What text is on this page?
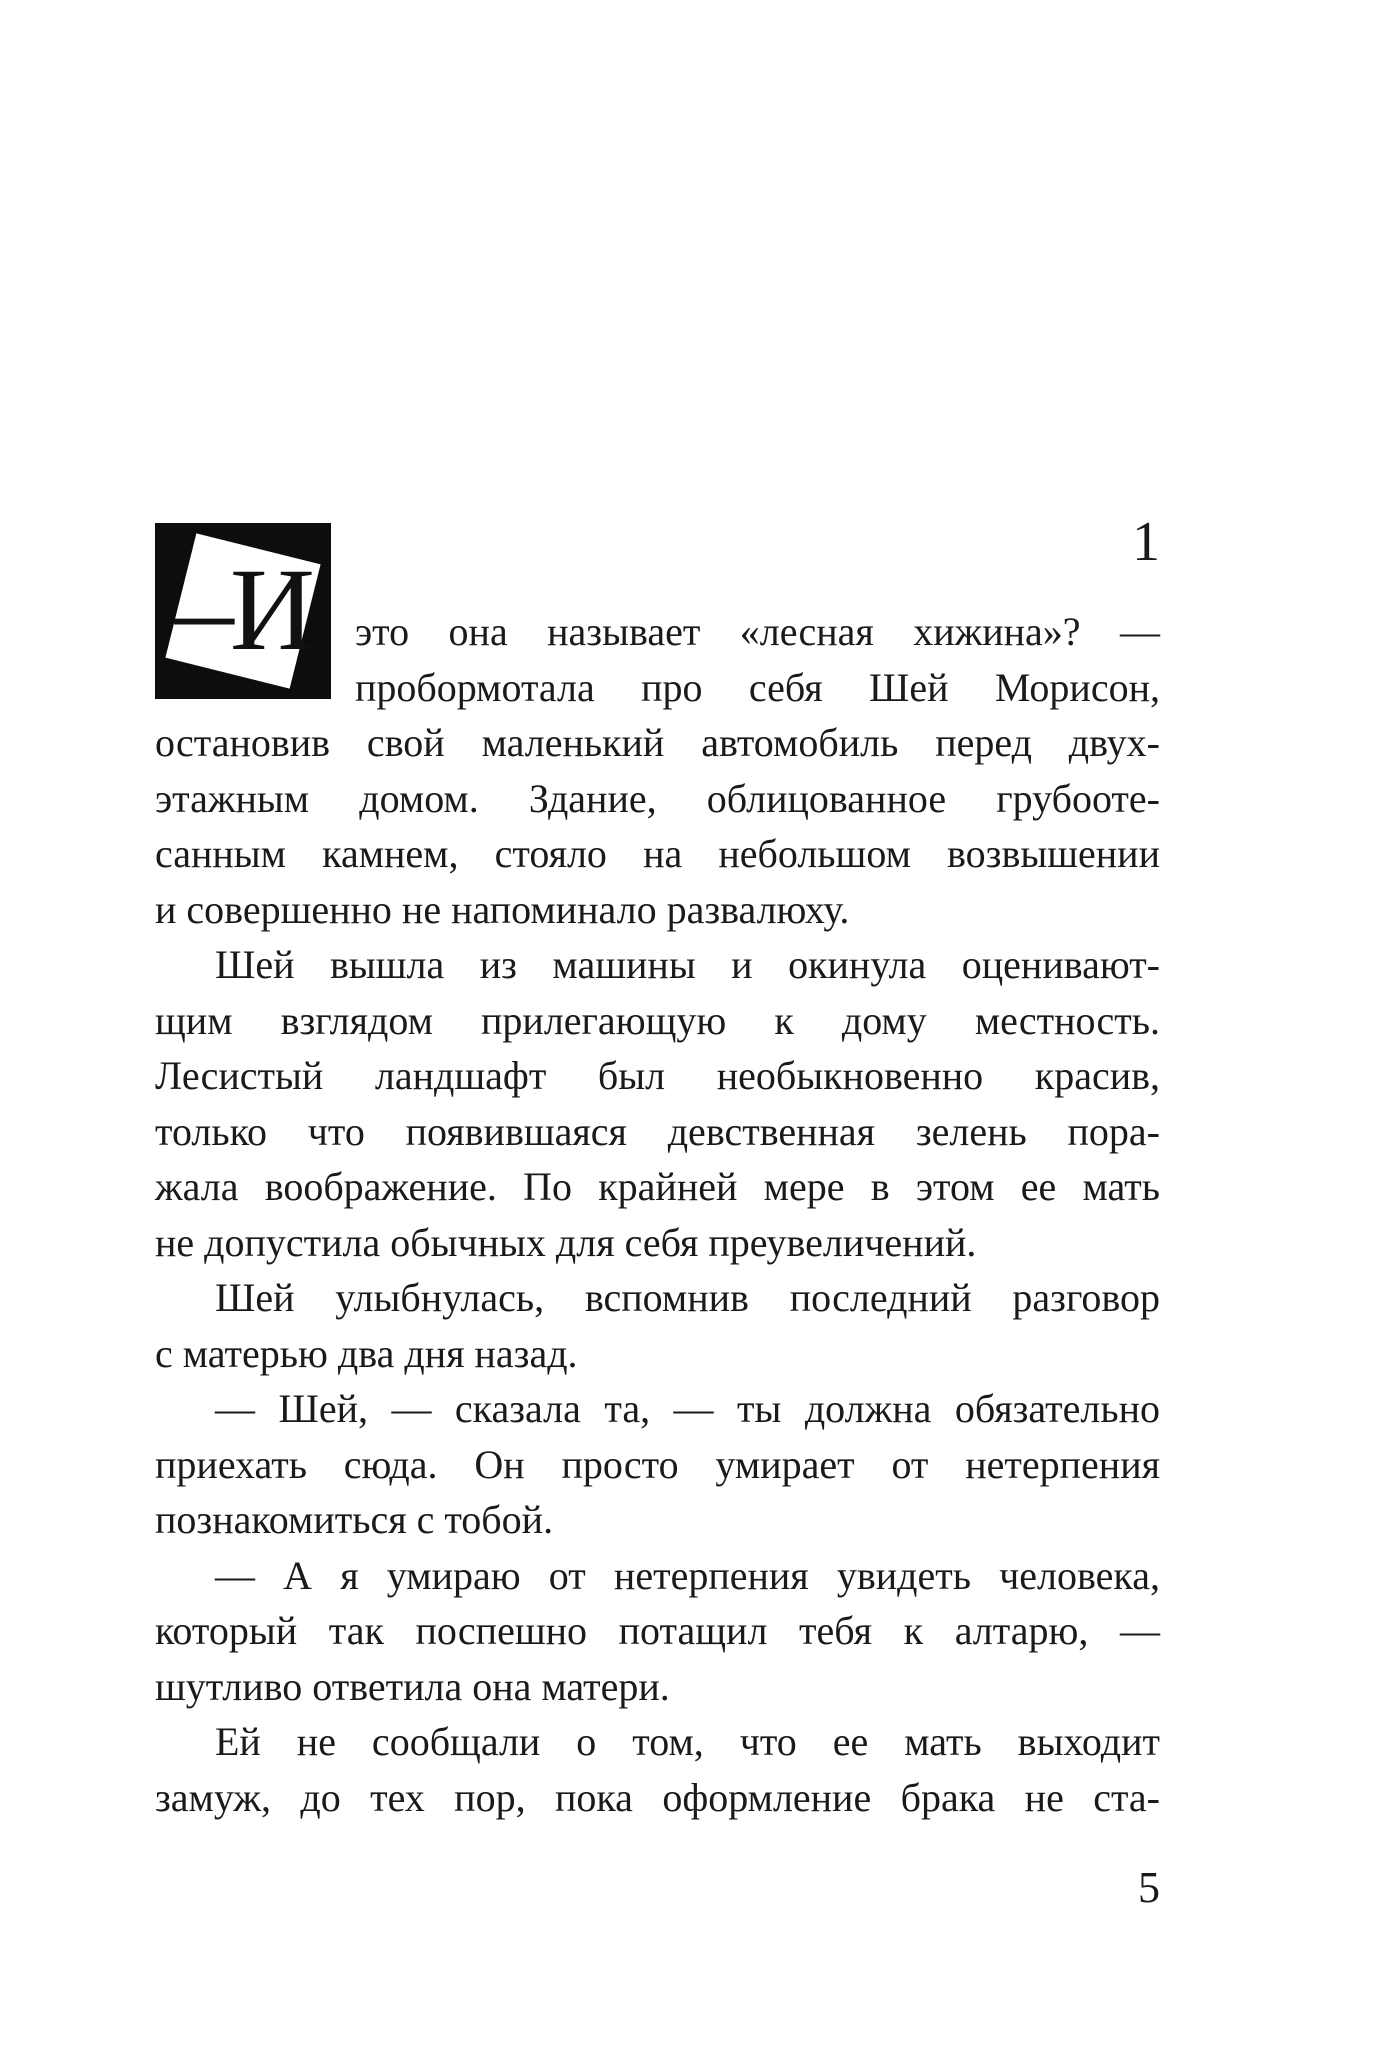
1
–И	это она называет «лесная хижина»? —
пробормотала про себя Шей Морисон,
остановив свой маленький автомобиль перед двух-
этажным домом. Здание, облицованное грубооте-
санным камнем, стояло на небольшом возвышении
и совершенно не напоминало развалюху.
Шей вышла из машины и окинула оценивают-
щим взглядом прилегающую к дому местность.
Лесистый ландшафт был необыкновенно красив,
только что появившаяся девственная зелень пора-
жала воображение. По крайней мере в этом ее мать
не допустила обычных для себя преувеличений.
Шей улыбнулась, вспомнив последний разговор
с матерью два дня назад.
— Шей, — сказала та, — ты должна обязательно
приехать сюда. Он просто умирает от нетерпения
познакомиться с тобой.
— А я умираю от нетерпения увидеть человека,
который так поспешно потащил тебя к алтарю, —
шутливо ответила она матери.
Ей не сообщали о том, что ее мать выходит
замуж, до тех пор, пока оформление брака не ста-
5
